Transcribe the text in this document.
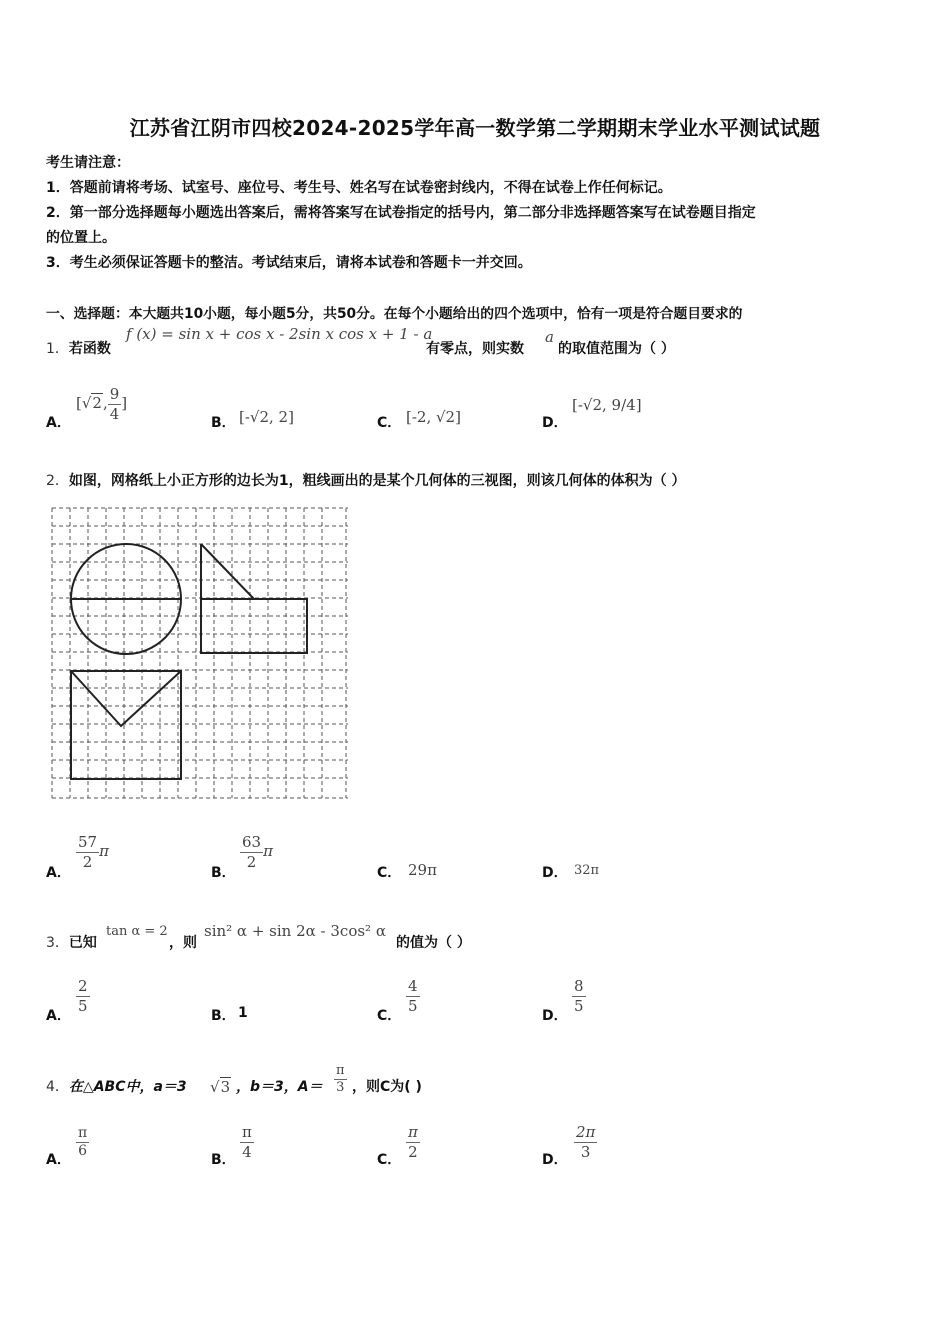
江苏省江阴市四校2024-2025学年高一数学第二学期期末学业水平测试试题
考生请注意：
1．答题前请将考场、试室号、座位号、考生号、姓名写在试卷密封线内，不得在试卷上作任何标记。
2．第一部分选择题每小题选出答案后，需将答案写在试卷指定的括号内，第二部分非选择题答案写在试卷题目指定
的位置上。
3．考生必须保证答题卡的整洁。考试结束后，请将本试卷和答题卡一并交回。
一、选择题：本大题共10小题，每小题5分，共50分。在每个小题给出的四个选项中，恰有一项是符合题目要求的
1．若函数
f (x) = sin x + cos x - 2sin x cos x + 1 - a
有零点，则实数
a
的取值范围为（ ）
A．
[√2, $\frac{9}{4}$ ]
B． [-√2, 2]	C． [-2, √2]	D．
[-√2, 9/4]
2．如图，网格纸上小正方形的边长为1，粗线画出的是某个几何体的三视图，则该几何体的体积为（ ）
A．
$\frac{57}{2}$ π
B．
$\frac{63}{2}$ π
C． 29π	D． 32π
3．已知
tan α = 2
，则
sin² α + sin 2α - 3cos² α
的值为（ ）
A．
$\frac{2}{5}$
B． 1	C．
$\frac{4}{5}$
D．
$\frac{8}{5}$
4．在△ABC中，a＝3 √3 ，b＝3，$A= \frac{\pi}{3}$ ，则C为( )
A．
$\frac{\pi}{6}$
B． $\frac{\pi}{4}$	C． $\frac{\pi}{2}$	D． $\frac{2\pi}{3}$
